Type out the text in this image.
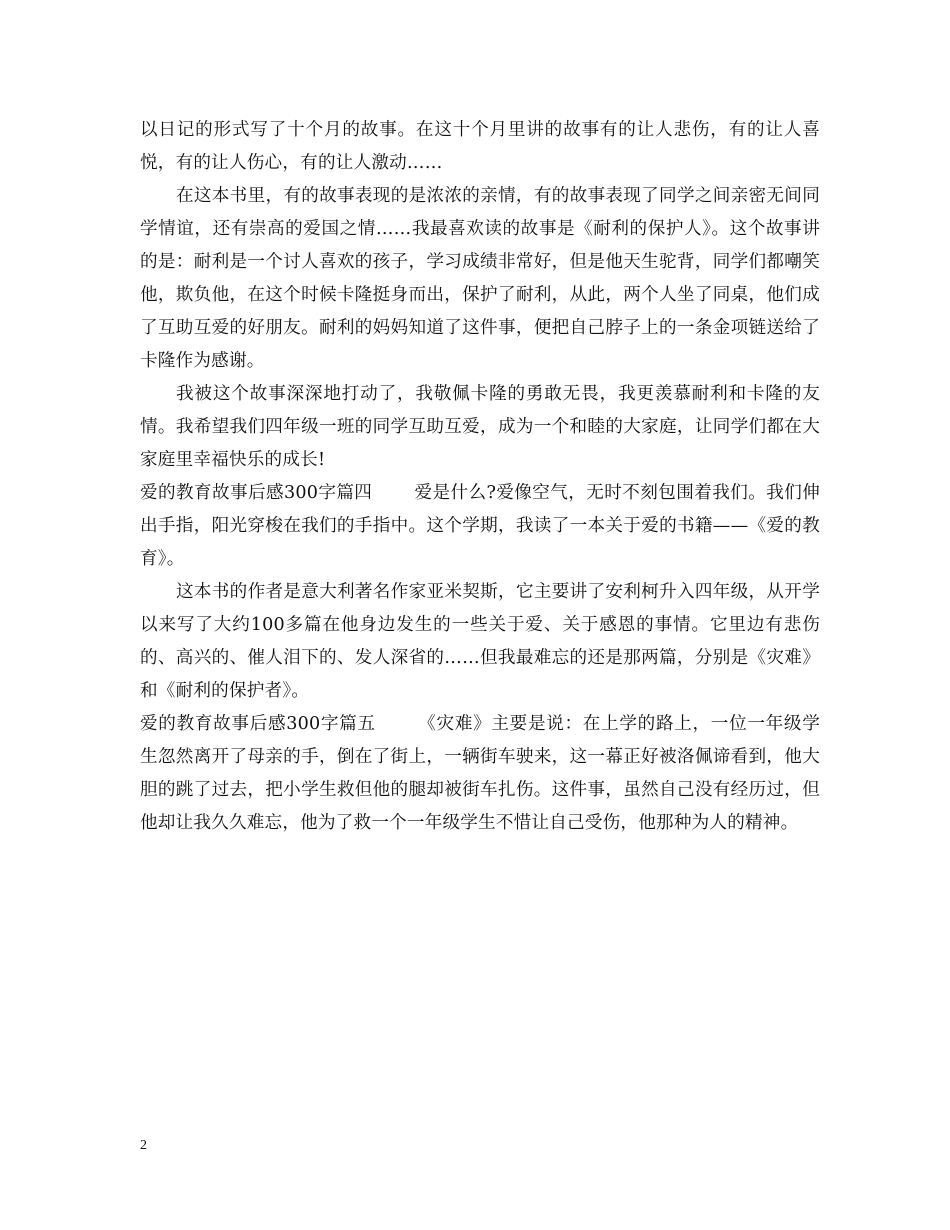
以日记的形式写了十个月的故事。在这十个月里讲的故事有的让人悲伤，有的让人喜悦，有的让人伤心，有的让人激动……

在这本书里，有的故事表现的是浓浓的亲情，有的故事表现了同学之间亲密无间同学情谊，还有崇高的爱国之情……我最喜欢读的故事是《耐利的保护人》。这个故事讲的是：耐利是一个讨人喜欢的孩子，学习成绩非常好，但是他天生驼背，同学们都嘲笑他，欺负他，在这个时候卡隆挺身而出，保护了耐利，从此，两个人坐了同桌，他们成了互助互爱的好朋友。耐利的妈妈知道了这件事，便把自己脖子上的一条金项链送给了卡隆作为感谢。

我被这个故事深深地打动了，我敬佩卡隆的勇敢无畏，我更羡慕耐利和卡隆的友情。我希望我们四年级一班的同学互助互爱，成为一个和睦的大家庭，让同学们都在大家庭里幸福快乐的成长!

爱的教育故事后感300字篇四 爱是什么?爱像空气，无时不刻包围着我们。我们伸出手指，阳光穿梭在我们的手指中。这个学期，我读了一本关于爱的书籍——《爱的教育》。

这本书的作者是意大利著名作家亚米契斯，它主要讲了安利柯升入四年级，从开学以来写了大约100多篇在他身边发生的一些关于爱、关于感恩的事情。它里边有悲伤的、高兴的、催人泪下的、发人深省的……但我最难忘的还是那两篇，分别是《灾难》和《耐利的保护者》。

爱的教育故事后感300字篇五 《灾难》主要是说：在上学的路上，一位一年级学生忽然离开了母亲的手，倒在了街上，一辆街车驶来，这一幕正好被洛佩谛看到，他大胆的跳了过去，把小学生救但他的腿却被街车扎伤。这件事，虽然自己没有经历过，但他却让我久久难忘，他为了救一个一年级学生不惜让自己受伤，他那种为人的精神。

2
